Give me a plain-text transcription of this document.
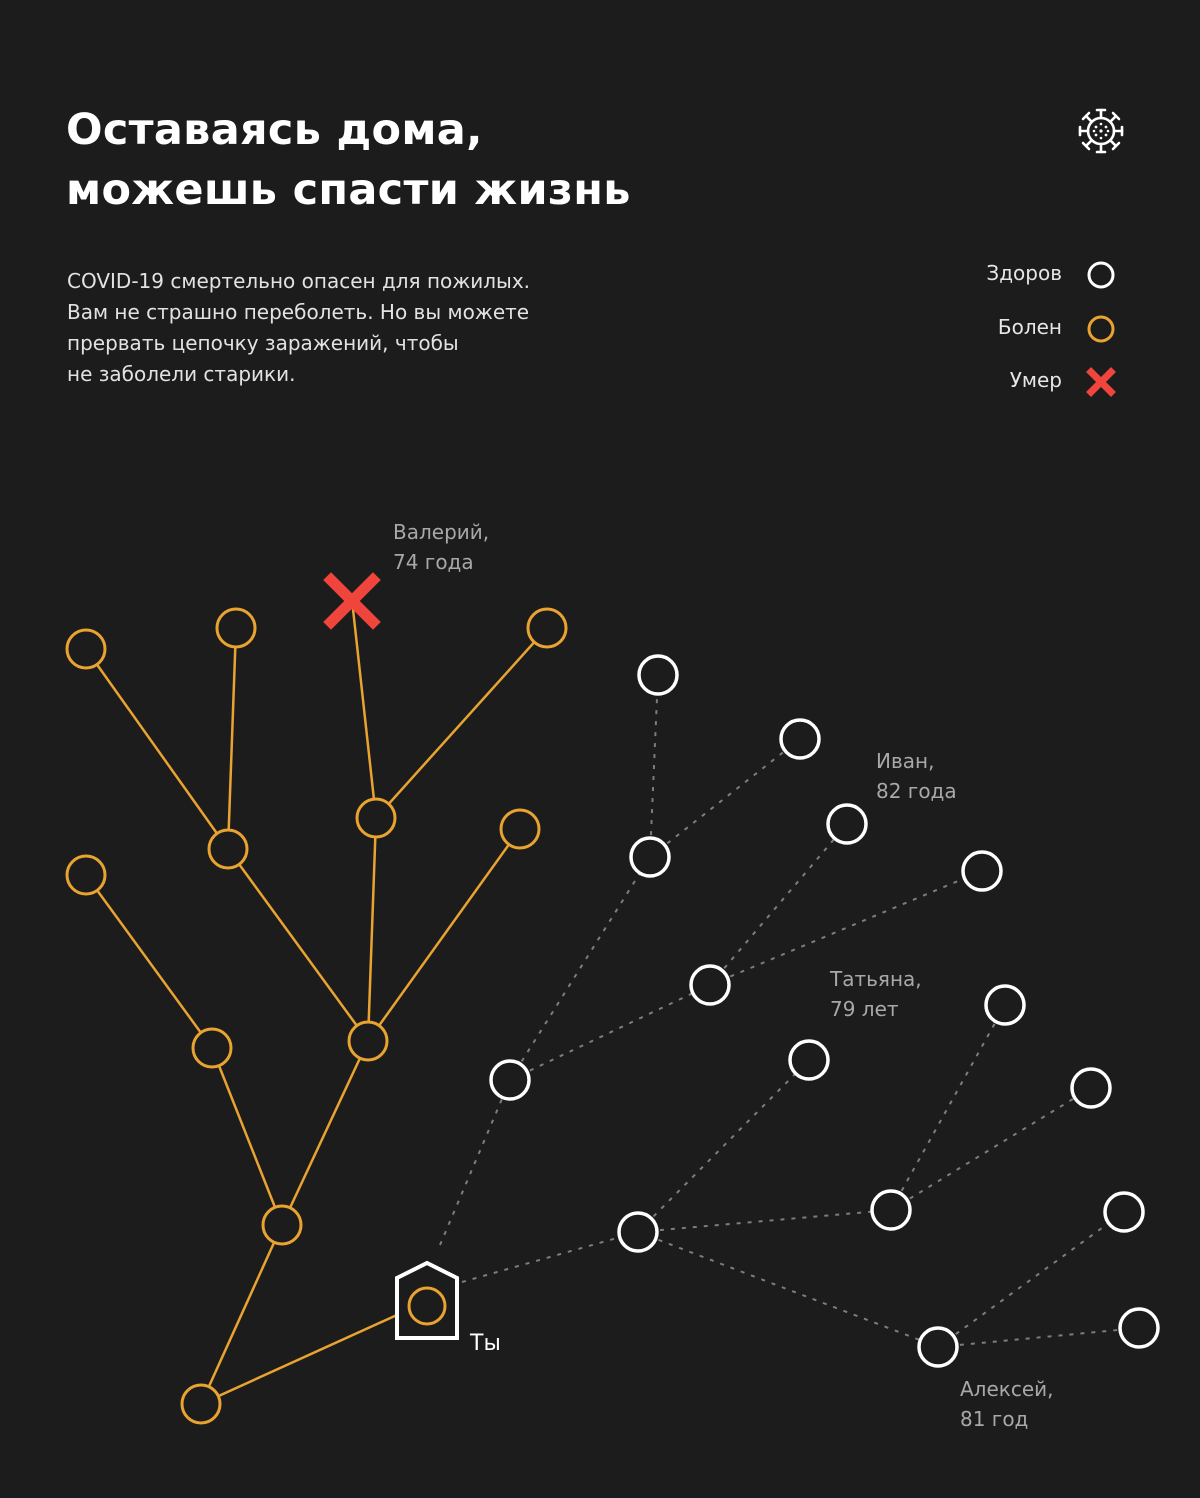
Оставаясь дома,
можешь спасти жизнь

COVID-19 смертельно опасен для пожилых.
Вам не страшно переболеть. Но вы можете
прервать цепочку заражений, чтобы
не заболели старики.

Здоров
Болен
Умер

Валерий,
74 года

Иван,
82 года

Татьяна,
79 лет

Алексей,
81 год

Ты
